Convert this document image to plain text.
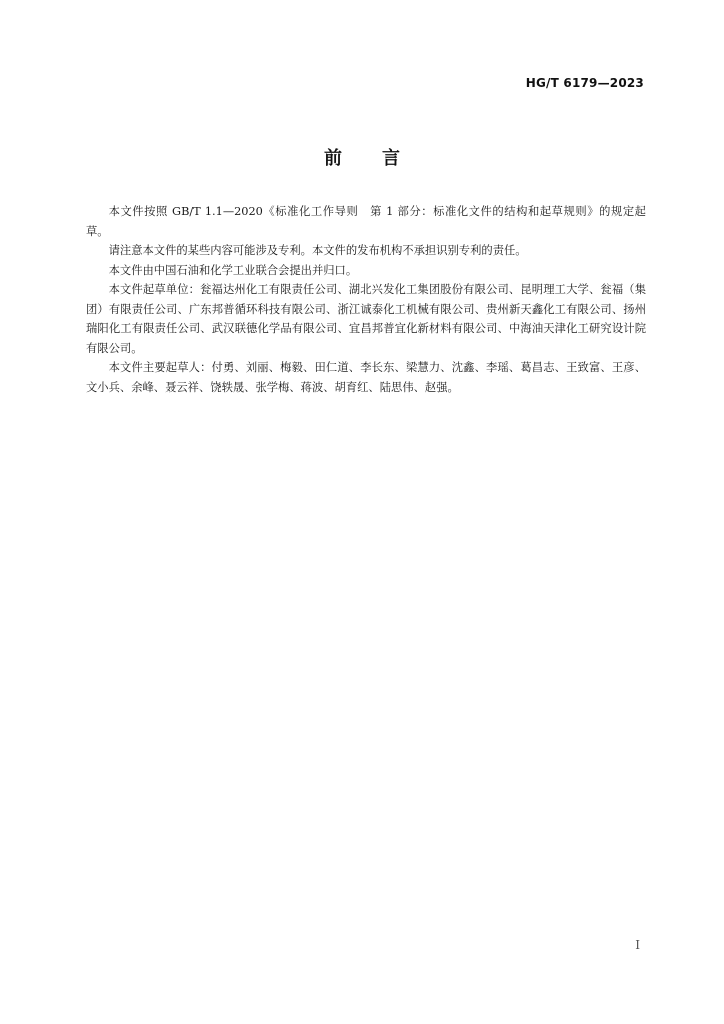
HG/T 6179—2023
前 言

本文件按照 GB/T 1.1—2020《标准化工作导则　第 1 部分：标准化文件的结构和起草规则》的规定起草。

请注意本文件的某些内容可能涉及专利。本文件的发布机构不承担识别专利的责任。

本文件由中国石油和化学工业联合会提出并归口。

本文件起草单位：瓮福达州化工有限责任公司、湖北兴发化工集团股份有限公司、昆明理工大学、瓮福（集团）有限责任公司、广东邦普循环科技有限公司、浙江诚泰化工机械有限公司、贵州新天鑫化工有限公司、扬州瑞阳化工有限责任公司、武汉联德化学品有限公司、宜昌邦普宜化新材料有限公司、中海油天津化工研究设计院有限公司。

本文件主要起草人：付勇、刘丽、梅毅、田仁道、李长东、梁慧力、沈鑫、李瑶、葛昌志、王致富、王彦、文小兵、余峰、聂云祥、饶轶晟、张学梅、蒋波、胡育红、陆思伟、赵强。

I
